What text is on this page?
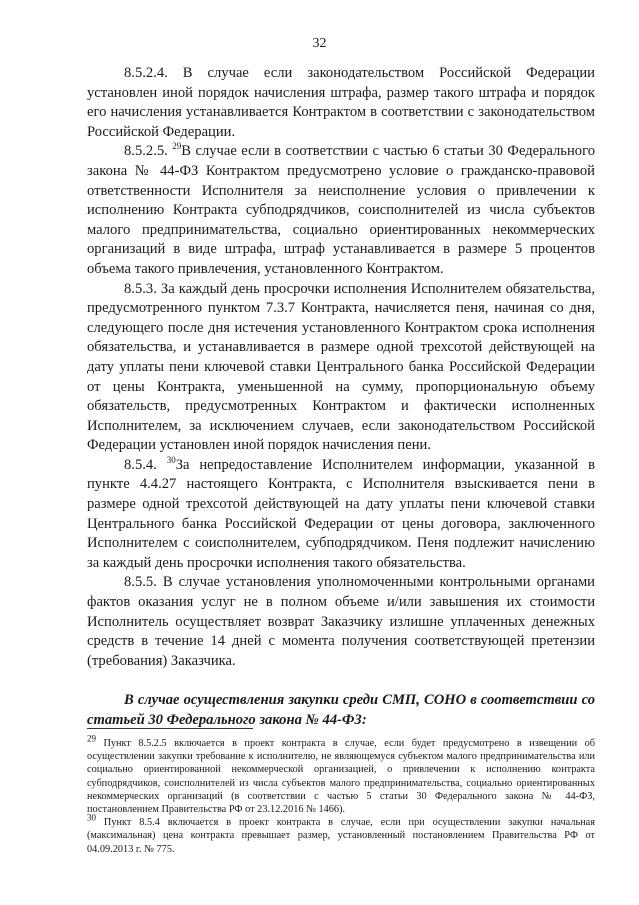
32

8.5.2.4. В случае если законодательством Российской Федерации установлен иной порядок начисления штрафа, размер такого штрафа и порядок его начисления устанавливается Контрактом в соответствии с законодательством Российской Федерации.

8.5.2.5. $^{29}$В случае если в соответствии с частью 6 статьи 30 Федерального закона № 44-ФЗ Контрактом предусмотрено условие о гражданско-правовой ответственности Исполнителя за неисполнение условия о привлечении к исполнению Контракта субподрядчиков, соисполнителей из числа субъектов малого предпринимательства, социально ориентированных некоммерческих организаций в виде штрафа, штраф устанавливается в размере 5 процентов объема такого привлечения, установленного Контрактом.

8.5.3. За каждый день просрочки исполнения Исполнителем обязательства, предусмотренного пунктом 7.3.7 Контракта, начисляется пеня, начиная со дня, следующего после дня истечения установленного Контрактом срока исполнения обязательства, и устанавливается в размере одной трехсотой действующей на дату уплаты пени ключевой ставки Центрального банка Российской Федерации от цены Контракта, уменьшенной на сумму, пропорциональную объему обязательств, предусмотренных Контрактом и фактически исполненных Исполнителем, за исключением случаев, если законодательством Российской Федерации установлен иной порядок начисления пени.

8.5.4. $^{30}$За непредоставление Исполнителем информации, указанной в пункте 4.4.27 настоящего Контракта, с Исполнителя взыскивается пени в размере одной трехсотой действующей на дату уплаты пени ключевой ставки Центрального банка Российской Федерации от цены договора, заключенного Исполнителем с соисполнителем, субподрядчиком. Пеня подлежит начислению за каждый день просрочки исполнения такого обязательства.

8.5.5. В случае установления уполномоченными контрольными органами фактов оказания услуг не в полном объеме и/или завышения их стоимости Исполнитель осуществляет возврат Заказчику излишне уплаченных денежных средств в течение 14 дней с момента получения соответствующей претензии (требования) Заказчика.

В случае осуществления закупки среди СМП, СОНО в соответствии со статьей 30 Федерального закона № 44-ФЗ:

$^{29}$ Пункт 8.5.2.5 включается в проект контракта в случае, если будет предусмотрено в извещении об осуществлении закупки требование к исполнителю, не являющемуся субъектом малого предпринимательства или социально ориентированной некоммерческой организацией, о привлечении к исполнению контракта субподрядчиков, соисполнителей из числа субъектов малого предпринимательства, социально ориентированных некоммерческих организаций (в соответствии с частью 5 статьи 30 Федерального закона № 44-ФЗ, постановлением Правительства РФ от 23.12.2016 № 1466).

$^{30}$ Пункт 8.5.4 включается в проект контракта в случае, если при осуществлении закупки начальная (максимальная) цена контракта превышает размер, установленный постановлением Правительства РФ от 04.09.2013 г. № 775.
